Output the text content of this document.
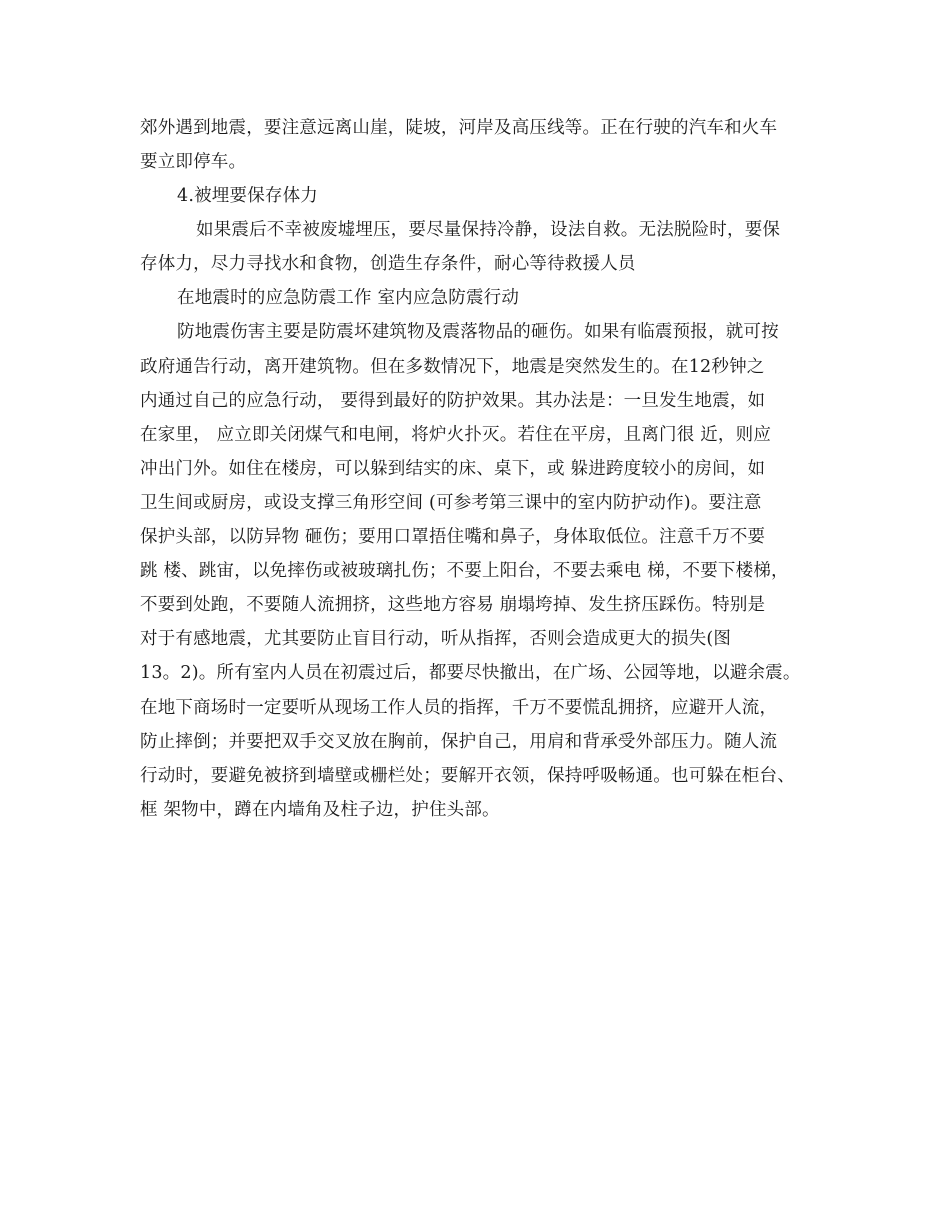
郊外遇到地震，要注意远离山崖，陡坡，河岸及高压线等。正在行驶的汽车和火车
要立即停车。
4.被埋要保存体力
如果震后不幸被废墟埋压，要尽量保持冷静，设法自救。无法脱险时，要保
存体力，尽力寻找水和食物，创造生存条件，耐心等待救援人员
在地震时的应急防震工作 室内应急防震行动
防地震伤害主要是防震坏建筑物及震落物品的砸伤。如果有临震预报，就可按
政府通告行动，离开建筑物。但在多数情况下，地震是突然发生的。在12秒钟之
内通过自己的应急行动， 要得到最好的防护效果。其办法是：一旦发生地震，如
在家里， 应立即关闭煤气和电闸，将炉火扑灭。若住在平房，且离门很 近，则应
冲出门外。如住在楼房，可以躲到结实的床、桌下，或 躲进跨度较小的房间，如
卫生间或厨房，或设支撑三角形空间 (可参考第三课中的室内防护动作)。要注意
保护头部，以防异物 砸伤；要用口罩捂住嘴和鼻子，身体取低位。注意千万不要
跳 楼、跳宙，以免摔伤或被玻璃扎伤；不要上阳台，不要去乘电 梯，不要下楼梯，
不要到处跑，不要随人流拥挤，这些地方容易 崩塌垮掉、发生挤压踩伤。特别是
对于有感地震，尤其要防止盲目行动，听从指挥，否则会造成更大的损失(图
13。2)。所有室内人员在初震过后，都要尽快撤出，在广场、公园等地，以避余震。
在地下商场时一定要听从现场工作人员的指挥，千万不要慌乱拥挤，应避开人流，
防止摔倒；并要把双手交叉放在胸前，保护自己，用肩和背承受外部压力。随人流
行动时，要避免被挤到墙壁或栅栏处；要解开衣领，保持呼吸畅通。也可躲在柜台、
框 架物中，蹲在内墙角及柱子边，护住头部。
